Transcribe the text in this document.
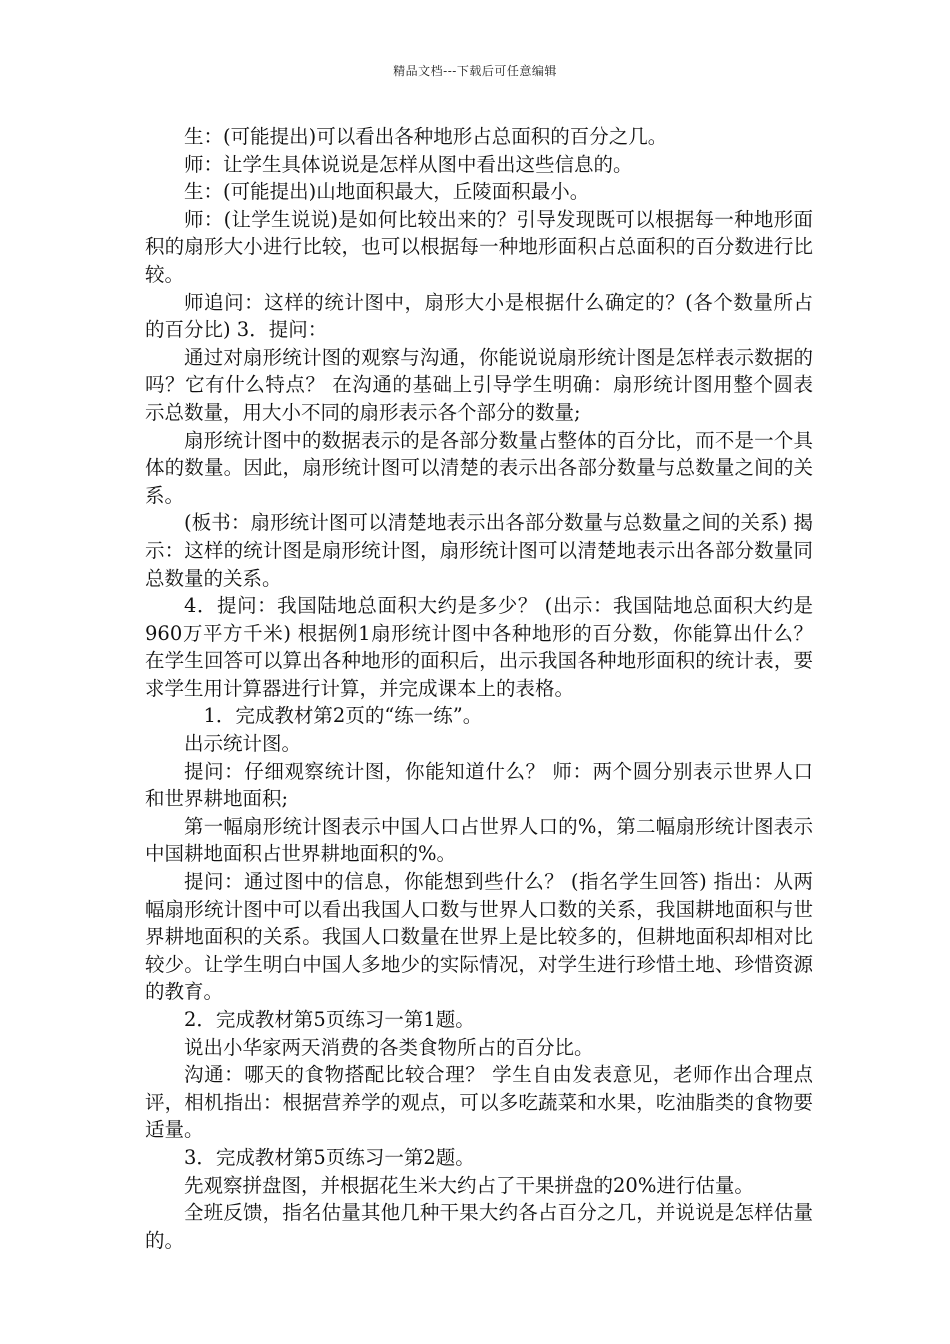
精品文档---下载后可任意编辑

生：(可能提出)可以看出各种地形占总面积的百分之几。

师：让学生具体说说是怎样从图中看出这些信息的。

生：(可能提出)山地面积最大，丘陵面积最小。

师：(让学生说说)是如何比较出来的？引导发现既可以根据每一种地形面积的扇形大小进行比较，也可以根据每一种地形面积占总面积的百分数进行比较。

师追问：这样的统计图中，扇形大小是根据什么确定的？(各个数量所占的百分比) 3．提问：

通过对扇形统计图的观察与沟通，你能说说扇形统计图是怎样表示数据的吗？它有什么特点？ 在沟通的基础上引导学生明确：扇形统计图用整个圆表示总数量，用大小不同的扇形表示各个部分的数量;

扇形统计图中的数据表示的是各部分数量占整体的百分比，而不是一个具体的数量。因此，扇形统计图可以清楚的表示出各部分数量与总数量之间的关系。

(板书：扇形统计图可以清楚地表示出各部分数量与总数量之间的关系) 揭示：这样的统计图是扇形统计图，扇形统计图可以清楚地表示出各部分数量同总数量的关系。

4．提问：我国陆地总面积大约是多少？ (出示：我国陆地总面积大约是960万平方千米) 根据例1扇形统计图中各种地形的百分数，你能算出什么？ 在学生回答可以算出各种地形的面积后，出示我国各种地形面积的统计表，要求学生用计算器进行计算，并完成课本上的表格。

1．完成教材第2页的“练一练”。

出示统计图。

提问：仔细观察统计图，你能知道什么？ 师：两个圆分别表示世界人口和世界耕地面积;

第一幅扇形统计图表示中国人口占世界人口的%，第二幅扇形统计图表示中国耕地面积占世界耕地面积的%。

提问：通过图中的信息，你能想到些什么？ (指名学生回答) 指出：从两幅扇形统计图中可以看出我国人口数与世界人口数的关系，我国耕地面积与世界耕地面积的关系。我国人口数量在世界上是比较多的，但耕地面积却相对比较少。让学生明白中国人多地少的实际情况，对学生进行珍惜土地、珍惜资源的教育。

2．完成教材第5页练习一第1题。

说出小华家两天消费的各类食物所占的百分比。

沟通：哪天的食物搭配比较合理？ 学生自由发表意见，老师作出合理点评，相机指出：根据营养学的观点，可以多吃蔬菜和水果，吃油脂类的食物要适量。

3．完成教材第5页练习一第2题。

先观察拼盘图，并根据花生米大约占了干果拼盘的20%进行估量。

全班反馈，指名估量其他几种干果大约各占百分之几，并说说是怎样估量的。
